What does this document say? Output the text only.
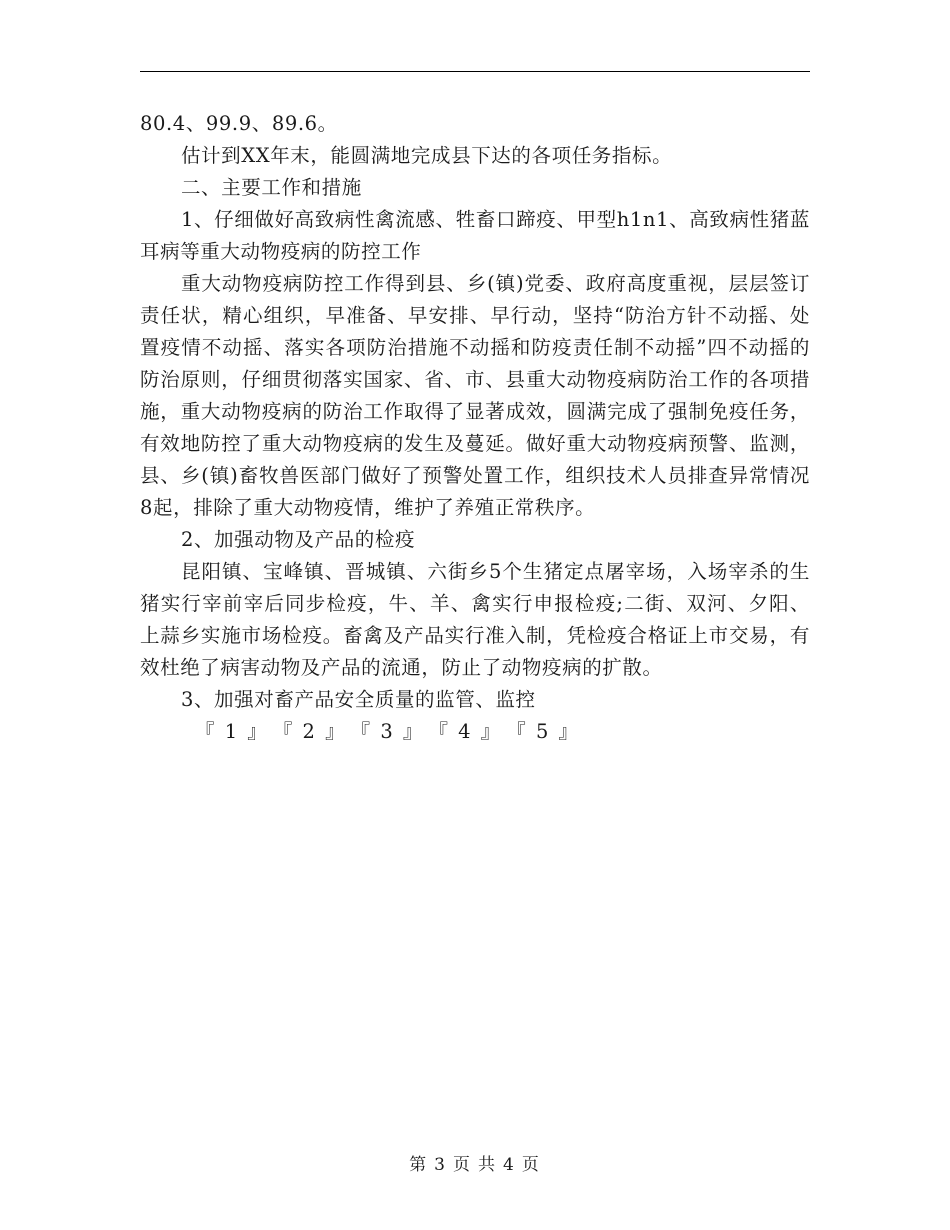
80.4、99.9、89.6。

估计到XX年末，能圆满地完成县下达的各项任务指标。

二、主要工作和措施

1、仔细做好高致病性禽流感、牲畜口蹄疫、甲型h1n1、高致病性猪蓝耳病等重大动物疫病的防控工作

重大动物疫病防控工作得到县、乡(镇)党委、政府高度重视，层层签订责任状，精心组织，早准备、早安排、早行动，坚持“防治方针不动摇、处置疫情不动摇、落实各项防治措施不动摇和防疫责任制不动摇”四不动摇的防治原则，仔细贯彻落实国家、省、市、县重大动物疫病防治工作的各项措施，重大动物疫病的防治工作取得了显著成效，圆满完成了强制免疫任务，有效地防控了重大动物疫病的发生及蔓延。做好重大动物疫病预警、监测，县、乡(镇)畜牧兽医部门做好了预警处置工作，组织技术人员排查异常情况8起，排除了重大动物疫情，维护了养殖正常秩序。

2、加强动物及产品的检疫

昆阳镇、宝峰镇、晋城镇、六街乡5个生猪定点屠宰场，入场宰杀的生猪实行宰前宰后同步检疫，牛、羊、禽实行申报检疫;二街、双河、夕阳、上蒜乡实施市场检疫。畜禽及产品实行准入制，凭检疫合格证上市交易，有效杜绝了病害动物及产品的流通，防止了动物疫病的扩散。

3、加强对畜产品安全质量的监管、监控

『 1 』 『 2 』 『 3 』 『 4 』 『 5 』

第 3 页 共 4 页
